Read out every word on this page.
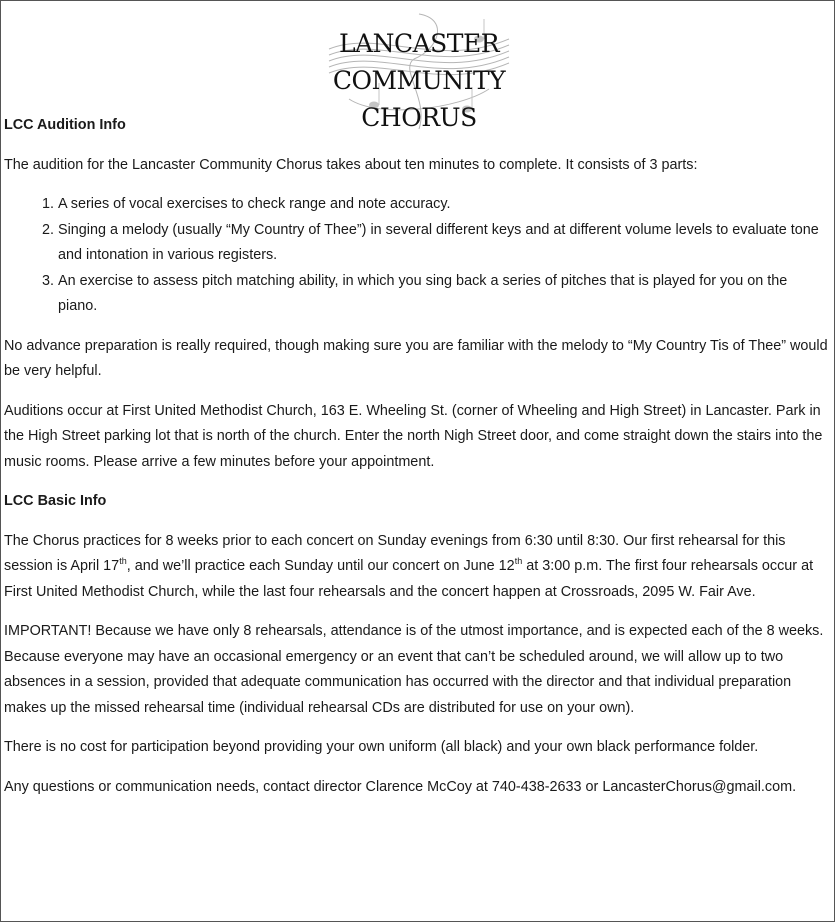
LANCASTER
COMMUNITY
CHORUS
LCC Audition Info

The audition for the Lancaster Community Chorus takes about ten minutes to complete. It consists of 3 parts:

1. A series of vocal exercises to check range and note accuracy.
2. Singing a melody (usually “My Country of Thee”) in several different keys and at different volume levels to evaluate tone and intonation in various registers.
3. An exercise to assess pitch matching ability, in which you sing back a series of pitches that is played for you on the piano.

No advance preparation is really required, though making sure you are familiar with the melody to “My Country Tis of Thee” would be very helpful.

Auditions occur at First United Methodist Church, 163 E. Wheeling St. (corner of Wheeling and High Street) in Lancaster. Park in the High Street parking lot that is north of the church. Enter the north Nigh Street door, and come straight down the stairs into the music rooms. Please arrive a few minutes before your appointment.

LCC Basic Info

The Chorus practices for 8 weeks prior to each concert on Sunday evenings from 6:30 until 8:30. Our first rehearsal for this session is April 17th, and we’ll practice each Sunday until our concert on June 12th at 3:00 p.m. The first four rehearsals occur at First United Methodist Church, while the last four rehearsals and the concert happen at Crossroads, 2095 W. Fair Ave.

IMPORTANT! Because we have only 8 rehearsals, attendance is of the utmost importance, and is expected each of the 8 weeks. Because everyone may have an occasional emergency or an event that can’t be scheduled around, we will allow up to two absences in a session, provided that adequate communication has occurred with the director and that individual preparation makes up the missed rehearsal time (individual rehearsal CDs are distributed for use on your own).

There is no cost for participation beyond providing your own uniform (all black) and your own black performance folder.

Any questions or communication needs, contact director Clarence McCoy at 740-438-2633 or LancasterChorus@gmail.com.
